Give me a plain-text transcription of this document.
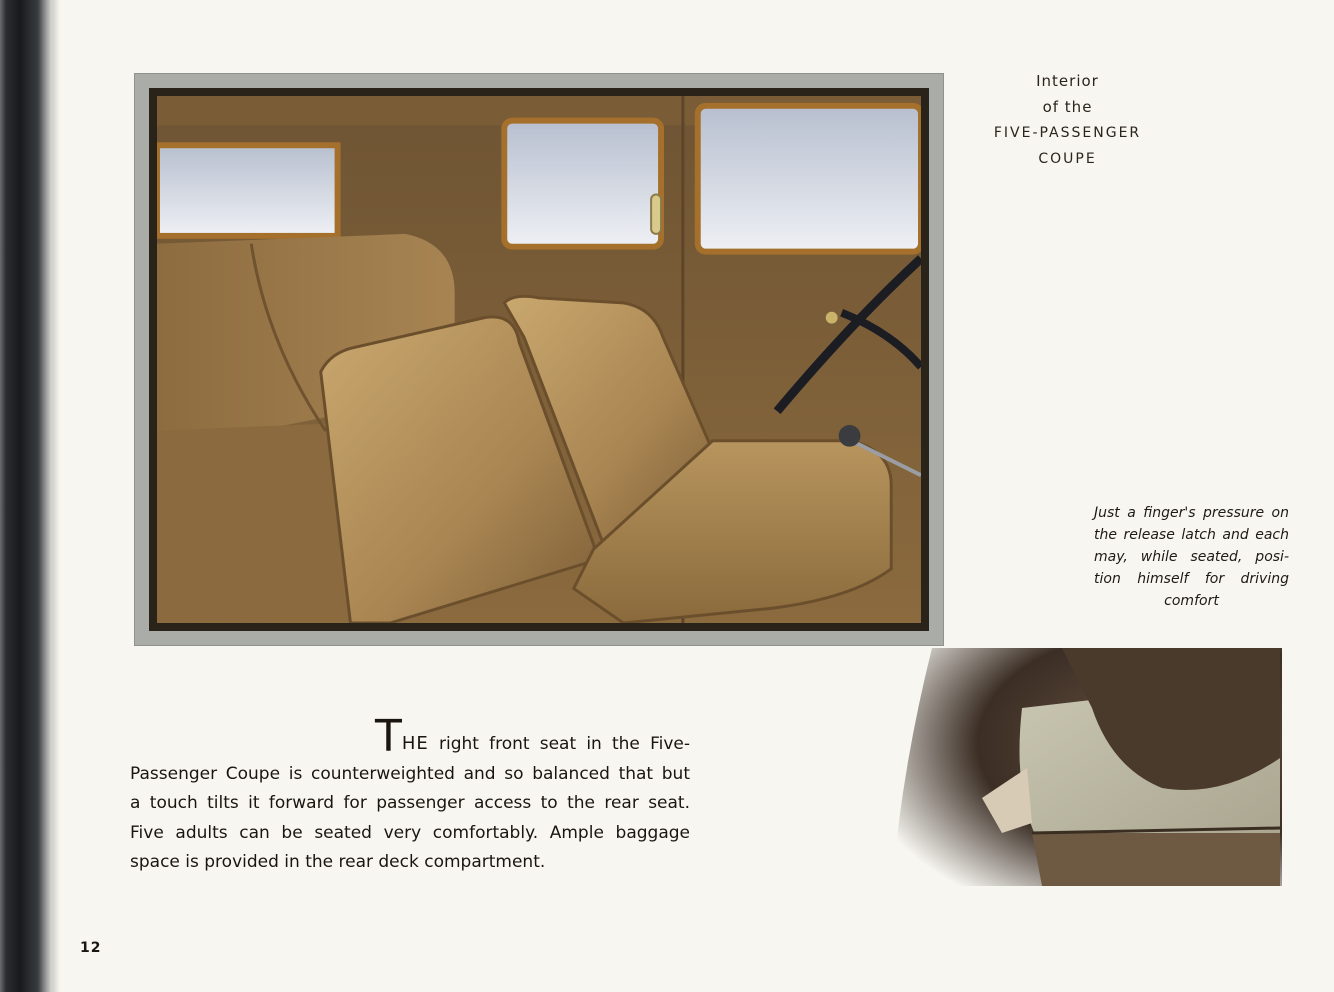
Interior
of the
FIVE-PASSENGER
COUPE
Just a finger's pressure on
the release latch and each
may, while seated, posi-
tion himself for driving
comfort
THE right front seat in the Five-
Passenger Coupe is counterweighted and so balanced that but
a touch tilts it forward for passenger access to the rear seat.
Five adults can be seated very comfortably. Ample baggage
space is provided in the rear deck compartment.
12
